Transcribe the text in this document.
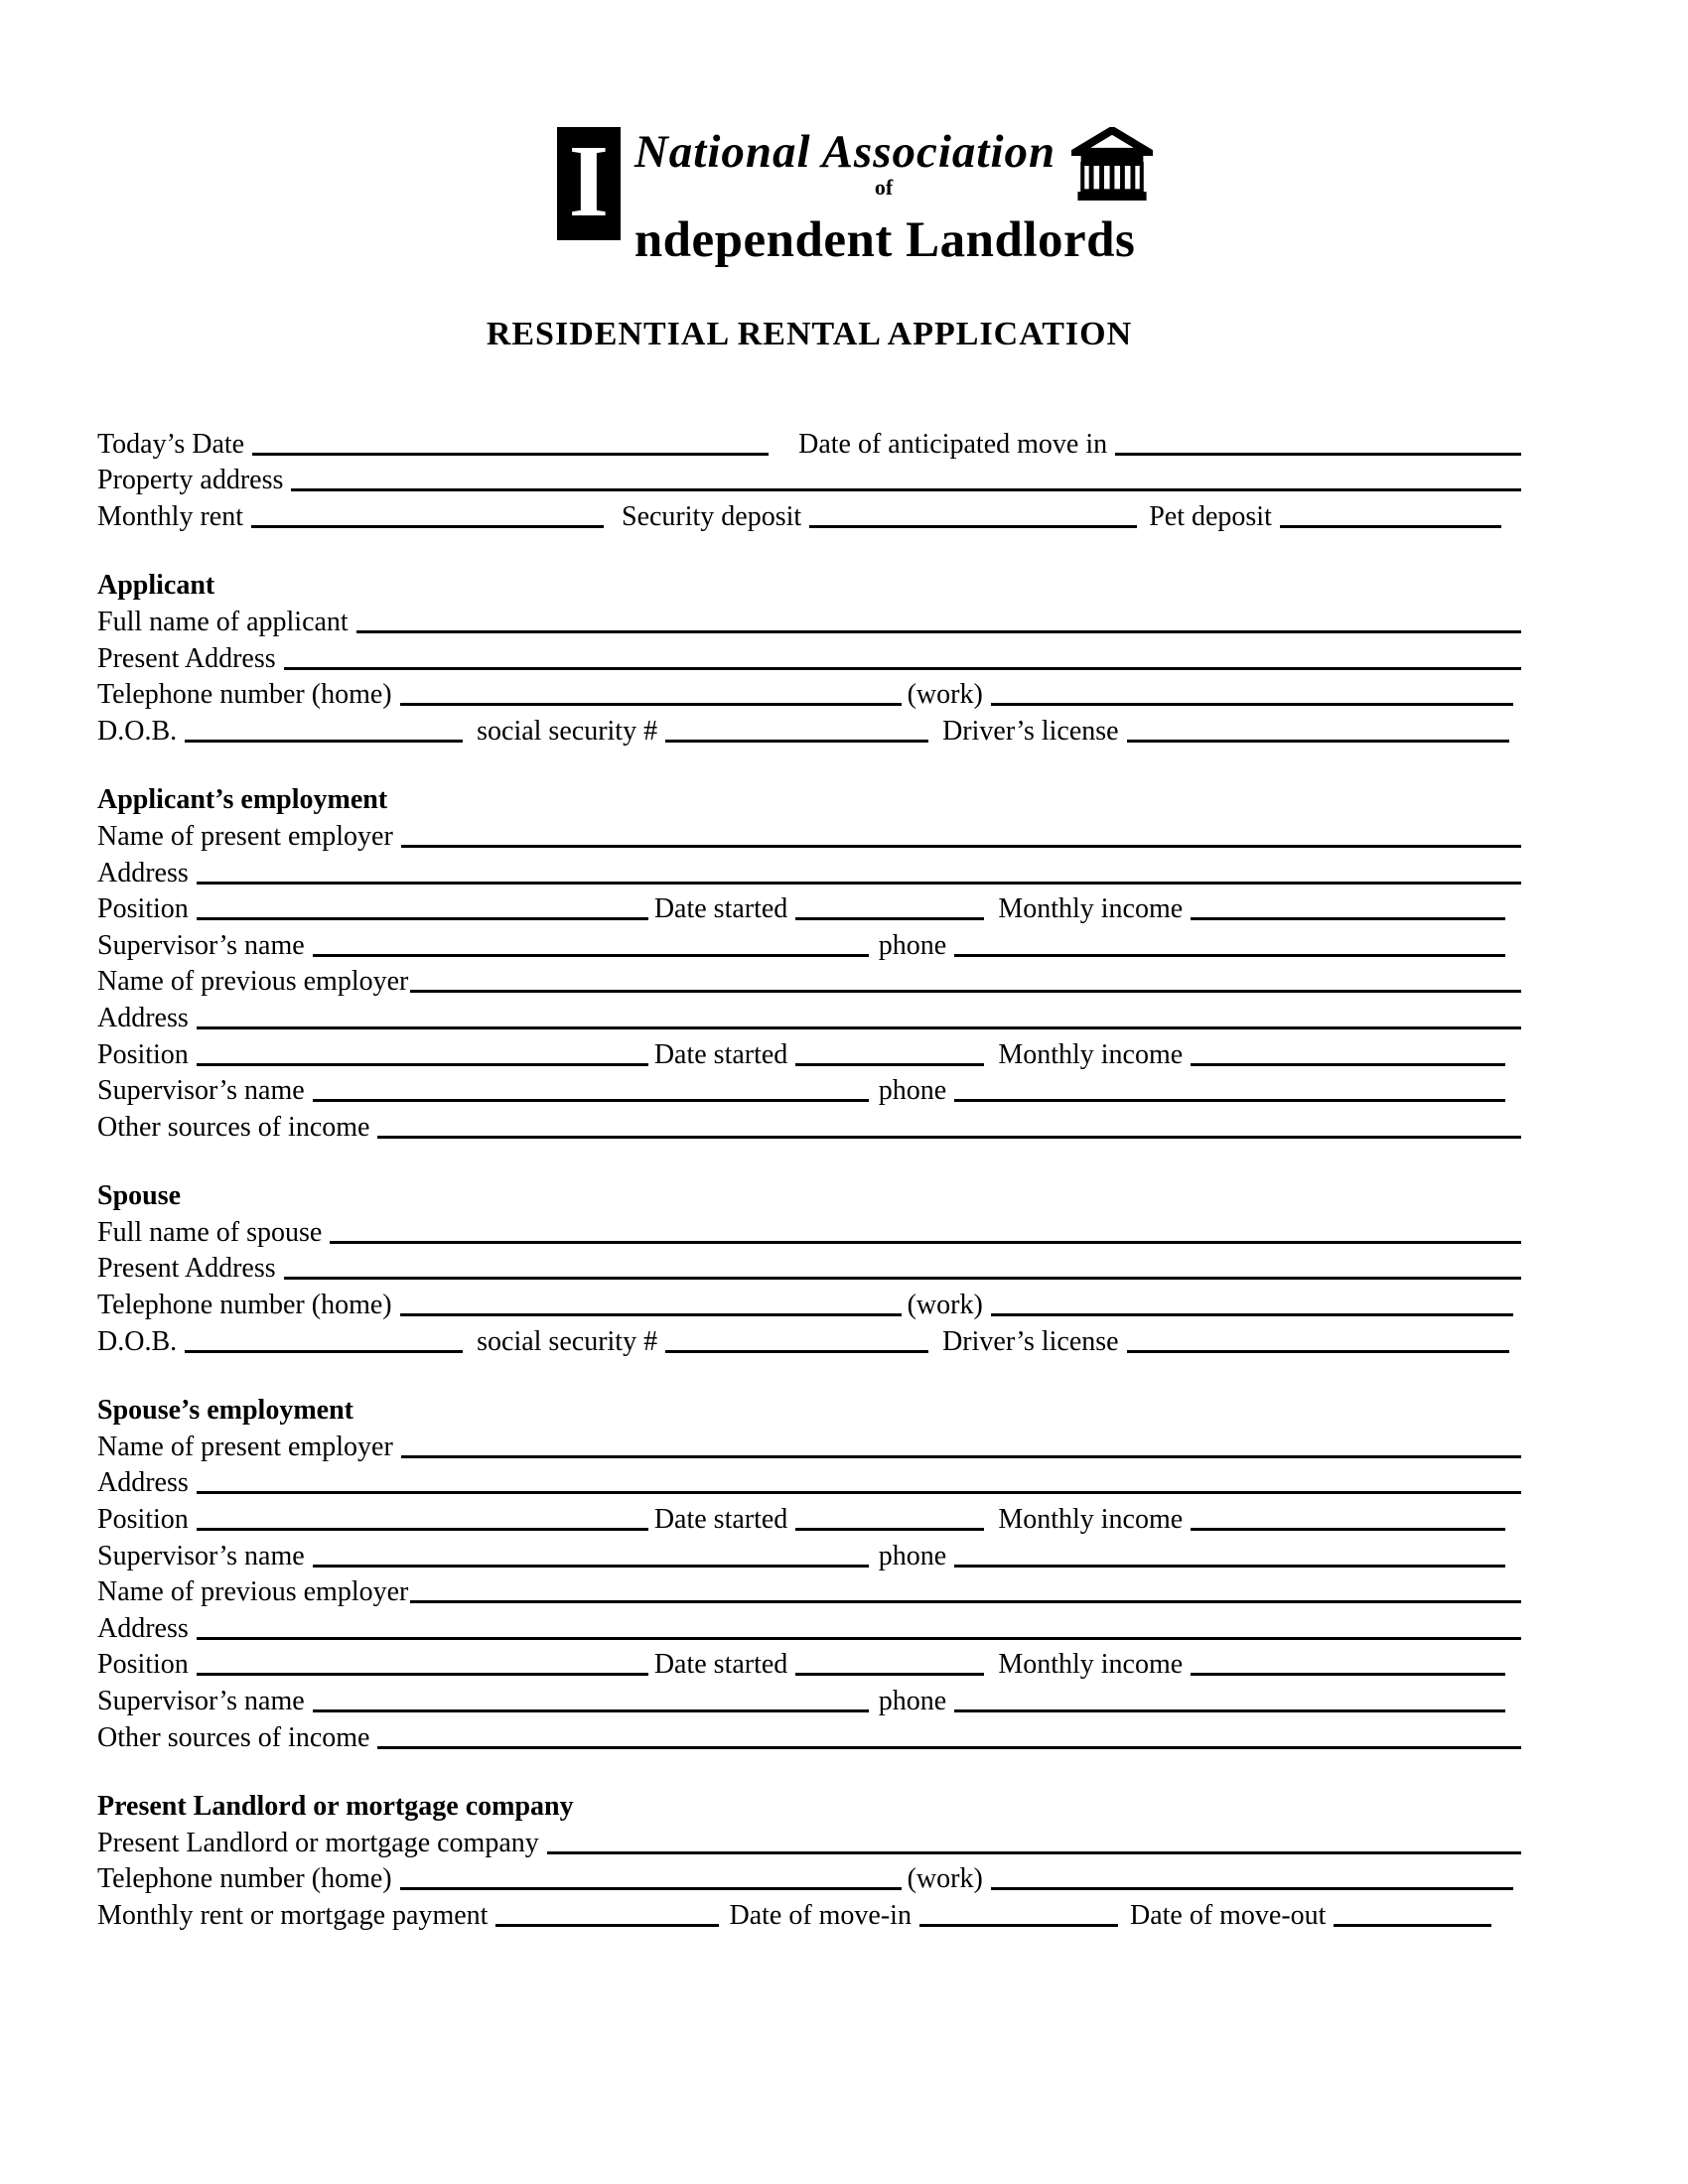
I National Association
of
ndependent Landlords
RESIDENTIAL RENTAL APPLICATION
Today’s Date	Date of anticipated move in
Property address
Monthly rent	Security deposit	Pet deposit
Applicant
Full name of applicant
Present Address
Telephone number (home)	(work)
D.O.B.	social security #	Driver’s license
Applicant’s employment
Name of present employer
Address
Position	Date started	Monthly income
Supervisor’s name	phone
Name of previous employer
Address
Position	Date started	Monthly income
Supervisor’s name	phone
Other sources of income
Spouse
Full name of spouse
Present Address
Telephone number (home)	(work)
D.O.B.	social security #	Driver’s license
Spouse’s employment
Name of present employer
Address
Position	Date started	Monthly income
Supervisor’s name	phone
Name of previous employer
Address
Position	Date started	Monthly income
Supervisor’s name	phone
Other sources of income
Present Landlord or mortgage company
Present Landlord or mortgage company
Telephone number (home)	(work)
Monthly rent or mortgage payment	Date of move-in	Date of move-out
